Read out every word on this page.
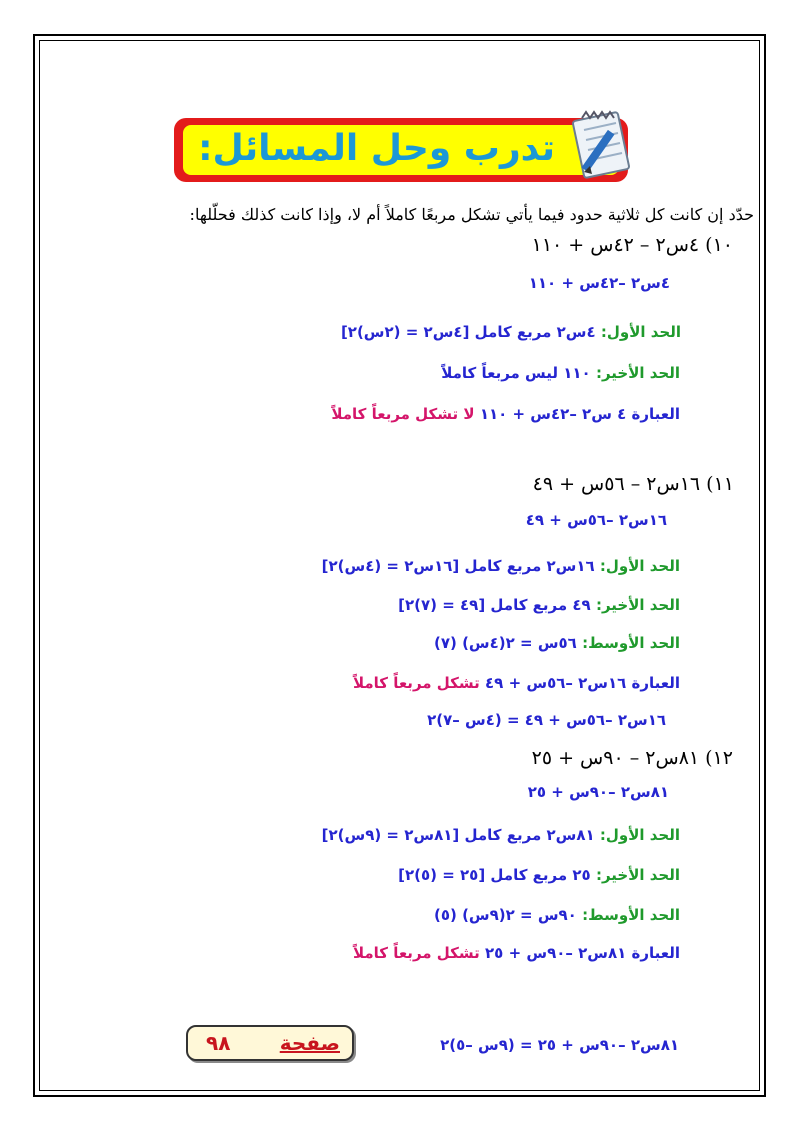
تدرب وحل المسائل:
حدّد إن كانت كل ثلاثية حدود فيما يأتي تشكل مربعًا كاملاً أم لا، وإذا كانت كذلك فحلّلها:
١٠) ٤س٢ – ٤٢س + ١١٠
٤س٢ –٤٢س + ١١٠
الحد الأول: ٤س٢ مربع كامل [٤س٢ = (٢س)٢]
الحد الأخير: ١١٠ ليس مربعاً كاملاً
العبارة ٤ س٢ –٤٢س + ١١٠ لا تشكل مربعاً كاملاً
١١) ١٦س٢ – ٥٦س + ٤٩
١٦س٢ –٥٦س + ٤٩
الحد الأول: ١٦س٢ مربع كامل [١٦س٢ = (٤س)٢]
الحد الأخير: ٤٩ مربع كامل [٤٩ = (٧)٢]
الحد الأوسط: ٥٦س = ٢(٤س) (٧)
العبارة ١٦س٢ –٥٦س + ٤٩ تشكل مربعاً كاملاً
١٦س٢ –٥٦س + ٤٩ = (٤س –٧)٢
١٢) ٨١س٢ – ٩٠س + ٢٥
٨١س٢ –٩٠س + ٢٥
الحد الأول: ٨١س٢ مربع كامل [٨١س٢ = (٩س)٢]
الحد الأخير: ٢٥ مربع كامل [٢٥ = (٥)٢]
الحد الأوسط: ٩٠س = ٢(٩س) (٥)
العبارة ٨١س٢ –٩٠س + ٢٥ تشكل مربعاً كاملاً
٨١س٢ –٩٠س + ٢٥ = (٩س –٥)٢
صفحة
٩٨
